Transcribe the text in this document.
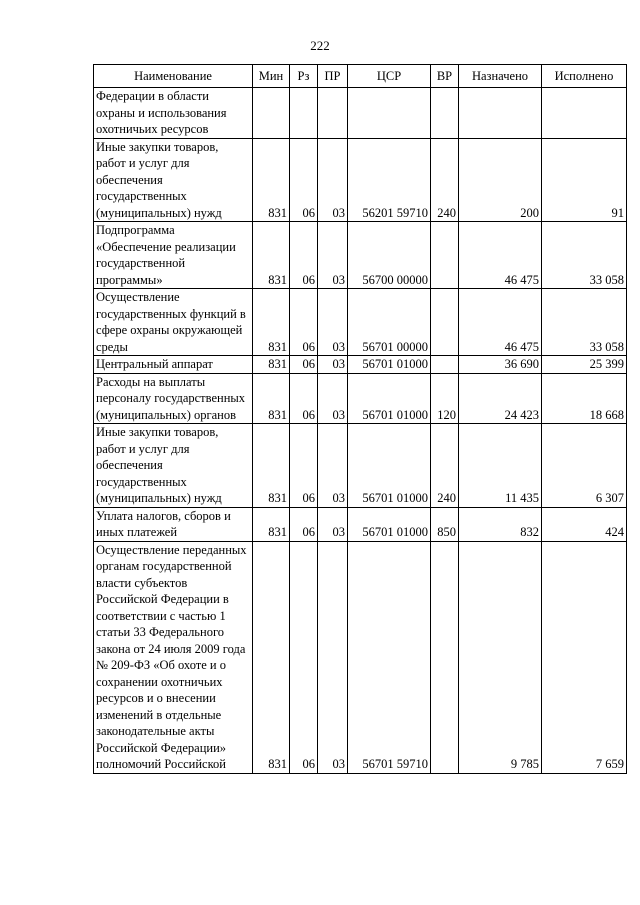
222
Наименование	Мин	Рз	ПР	ЦСР	ВР	Назначено	Исполнено
Федерации в области охраны и использования охотничьих ресурсов							
Иные закупки товаров, работ и услуг для обеспечения государственных (муниципальных) нужд	831	06	03	56201 59710	240	200	91
Подпрограмма «Обеспечение реализации государственной программы»	831	06	03	56700 00000		46 475	33 058
Осуществление государственных функций в сфере охраны окружающей среды	831	06	03	56701 00000		46 475	33 058
Центральный аппарат	831	06	03	56701 01000		36 690	25 399
Расходы на выплаты персоналу государственных (муниципальных) органов	831	06	03	56701 01000	120	24 423	18 668
Иные закупки товаров, работ и услуг для обеспечения государственных (муниципальных) нужд	831	06	03	56701 01000	240	11 435	6 307
Уплата налогов, сборов и иных платежей	831	06	03	56701 01000	850	832	424
Осуществление переданных органам государственной власти субъектов Российской Федерации в соответствии с частью 1 статьи 33 Федерального закона от 24 июля 2009 года № 209-ФЗ «Об охоте и о сохранении охотничьих ресурсов и о внесении изменений в отдельные законодательные акты Российской Федерации» полномочий Российской	831	06	03	56701 59710		9 785	7 659
